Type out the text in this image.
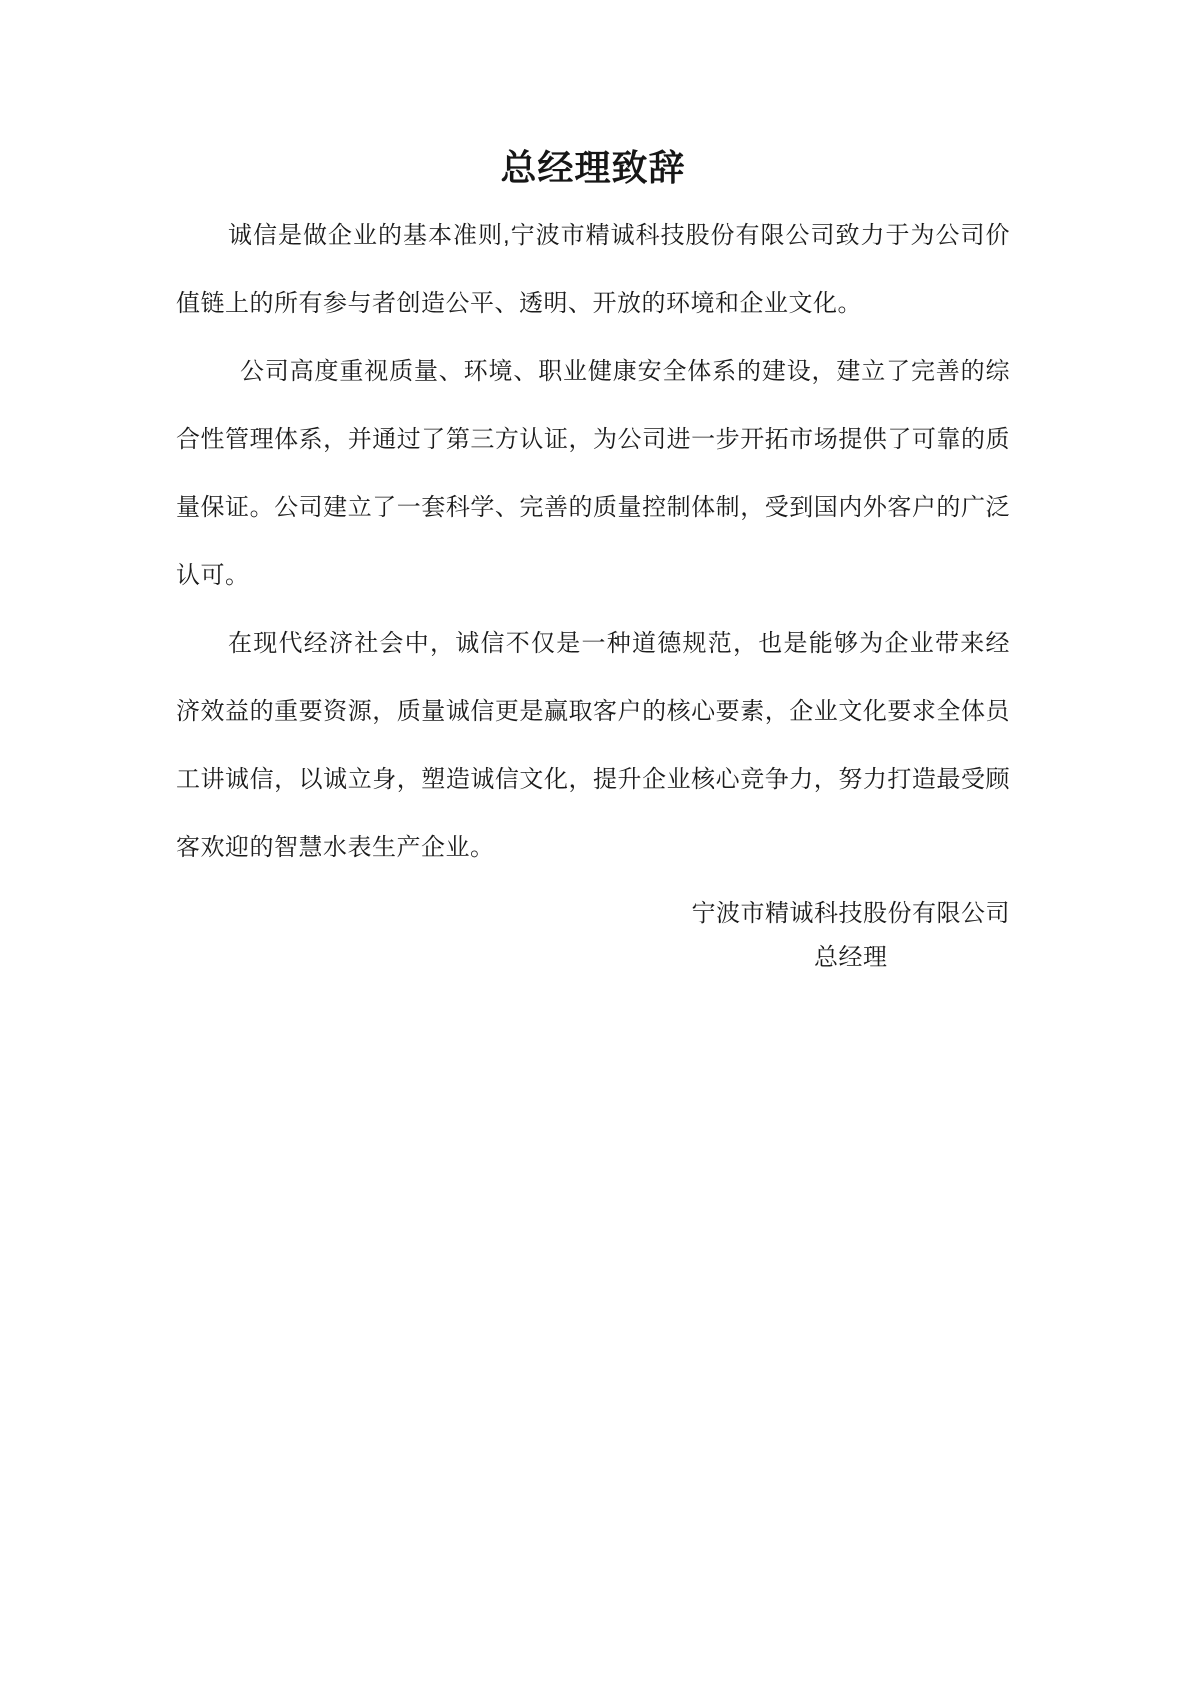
总经理致辞

诚信是做企业的基本准则,宁波市精诚科技股份有限公司致力于为公司价值链上的所有参与者创造公平、透明、开放的环境和企业文化。

公司高度重视质量、环境、职业健康安全体系的建设，建立了完善的综合性管理体系，并通过了第三方认证，为公司进一步开拓市场提供了可靠的质量保证。公司建立了一套科学、完善的质量控制体制，受到国内外客户的广泛认可。

在现代经济社会中，诚信不仅是一种道德规范，也是能够为企业带来经济效益的重要资源，质量诚信更是赢取客户的核心要素，企业文化要求全体员工讲诚信，以诚立身，塑造诚信文化，提升企业核心竞争力，努力打造最受顾客欢迎的智慧水表生产企业。

宁波市精诚科技股份有限公司
总经理
